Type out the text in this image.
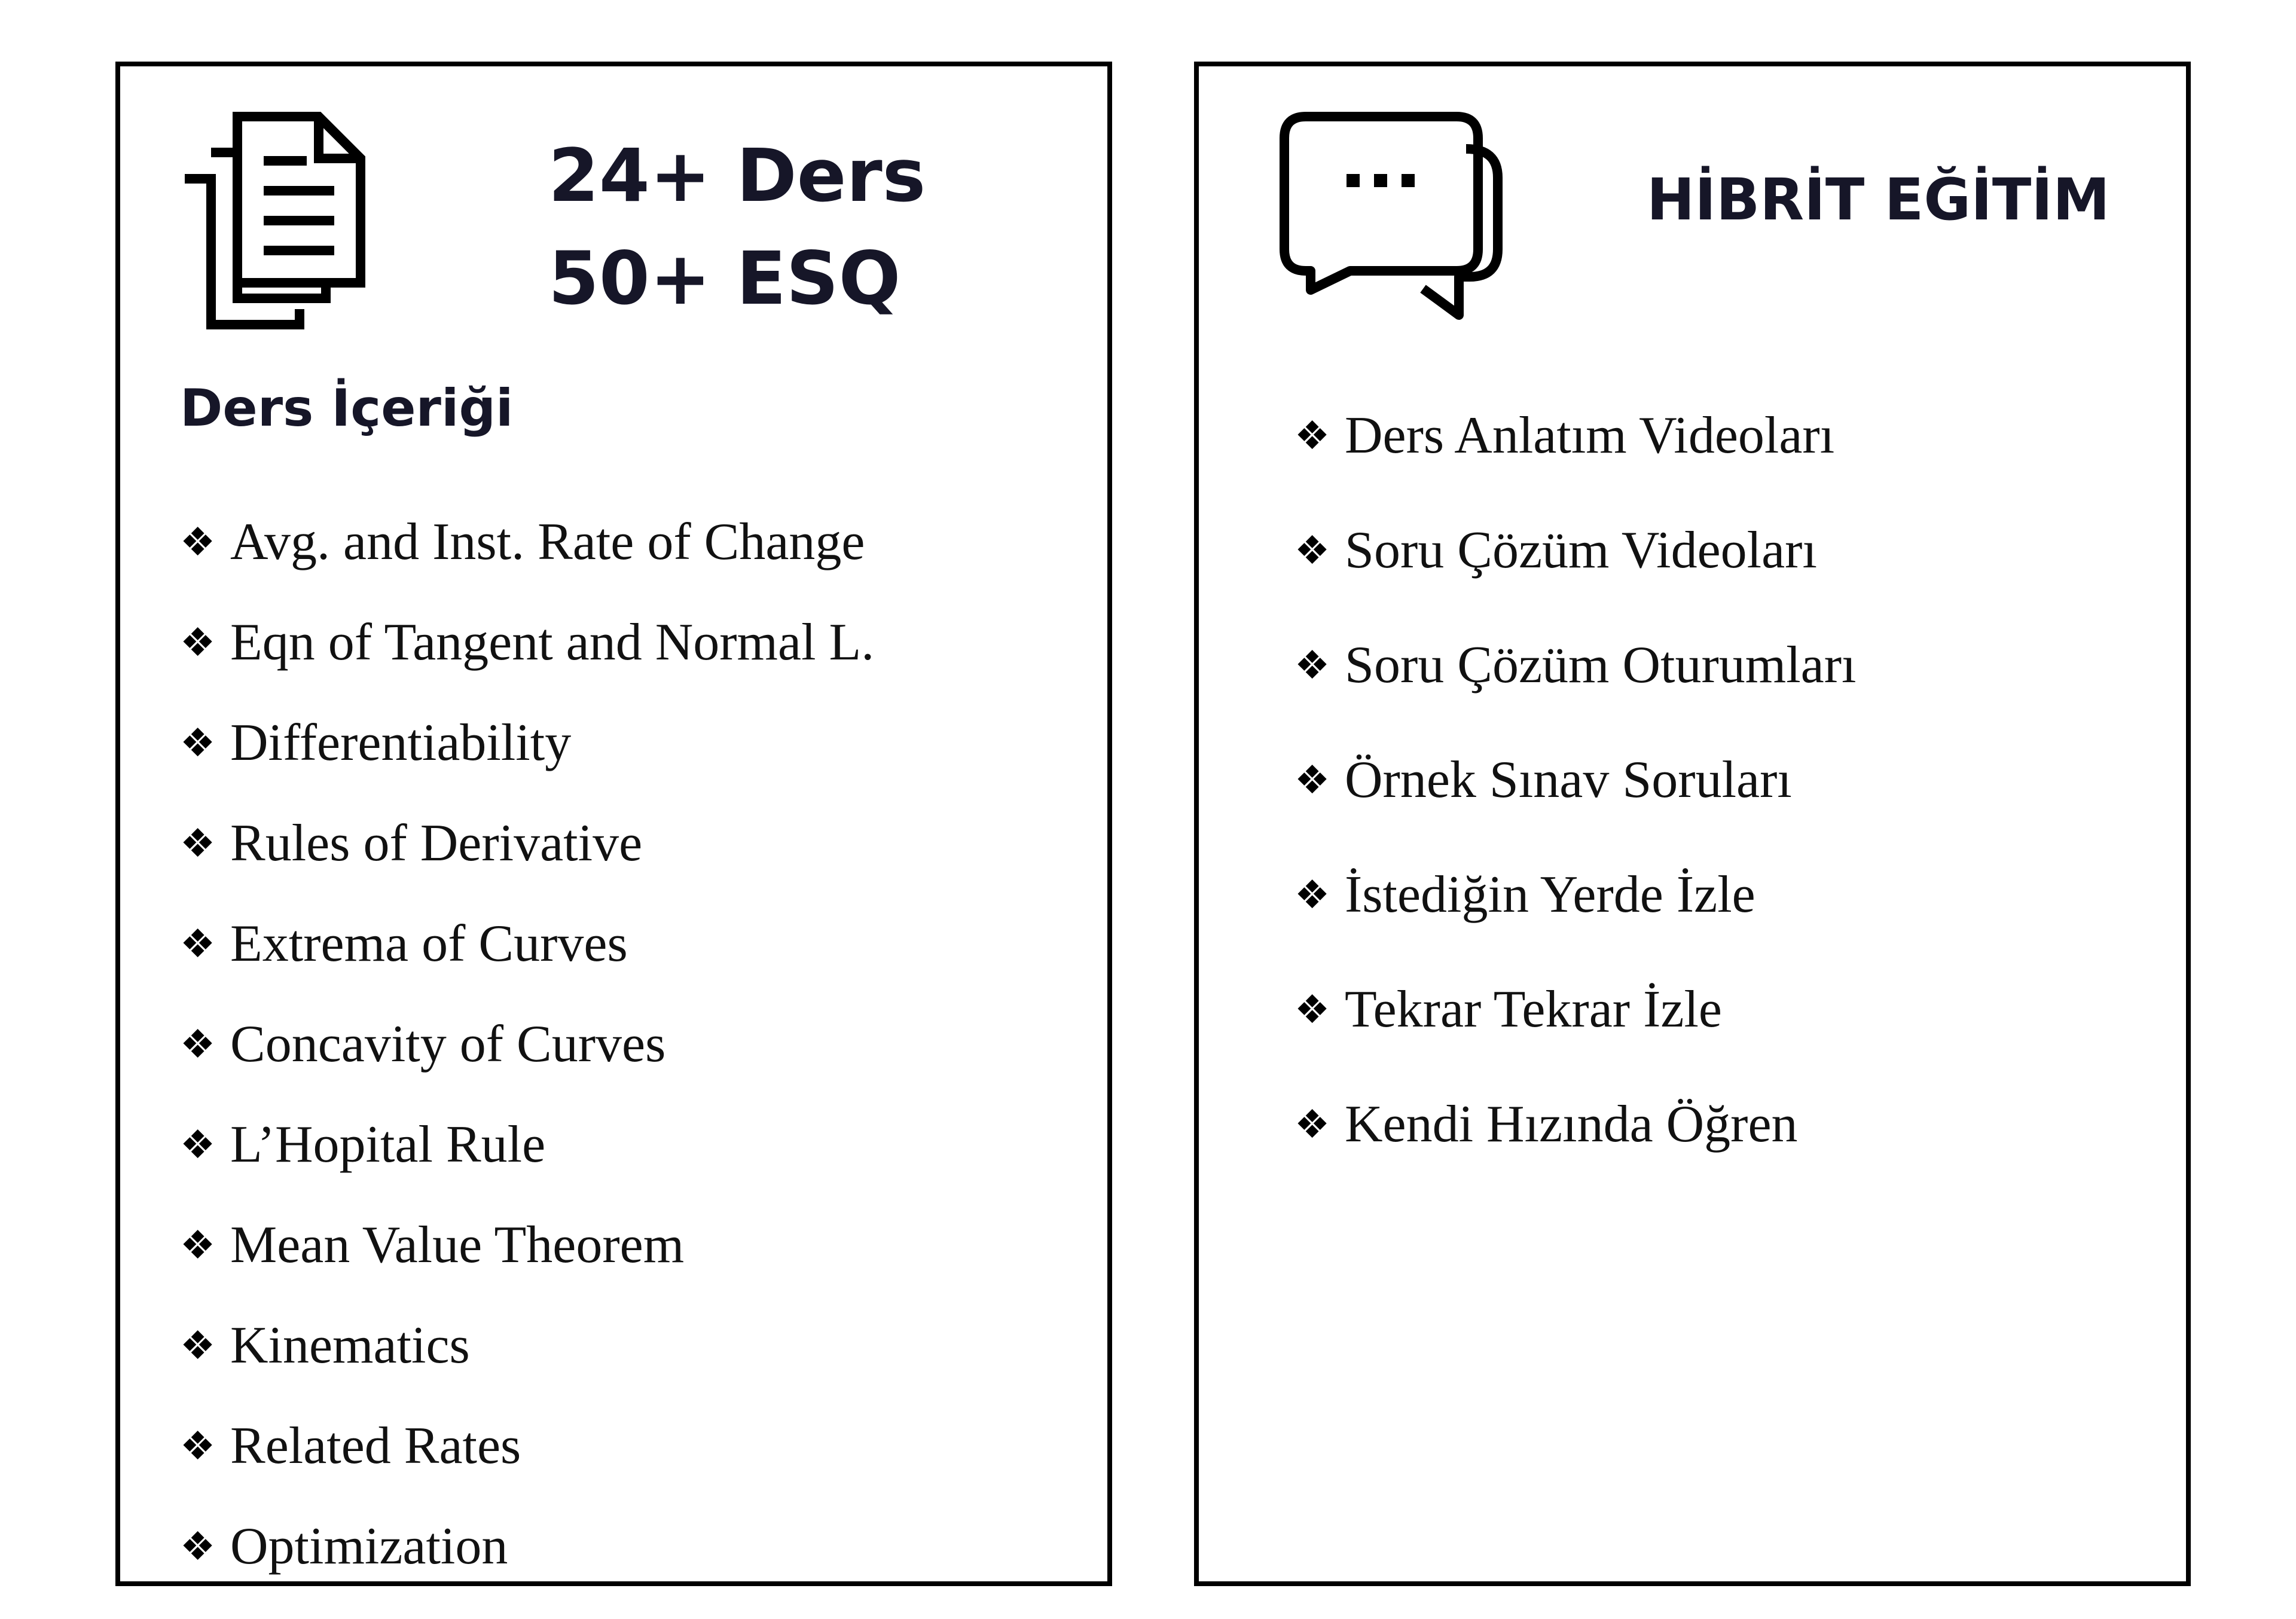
24+ Ders
50+ ESQ
Ders İçeriği
❖ Avg. and Inst. Rate of Change
❖ Eqn of Tangent and Normal L.
❖ Differentiability
❖ Rules of Derivative
❖ Extrema of Curves
❖ Concavity of Curves
❖ L’Hopital Rule
❖ Mean Value Theorem
❖ Kinematics
❖ Related Rates
❖ Optimization
HİBRİT EĞİTİM
❖ Ders Anlatım Videoları
❖ Soru Çözüm Videoları
❖ Soru Çözüm Oturumları
❖ Örnek Sınav Soruları
❖ İstediğin Yerde İzle
❖ Tekrar Tekrar İzle
❖ Kendi Hızında Öğren
